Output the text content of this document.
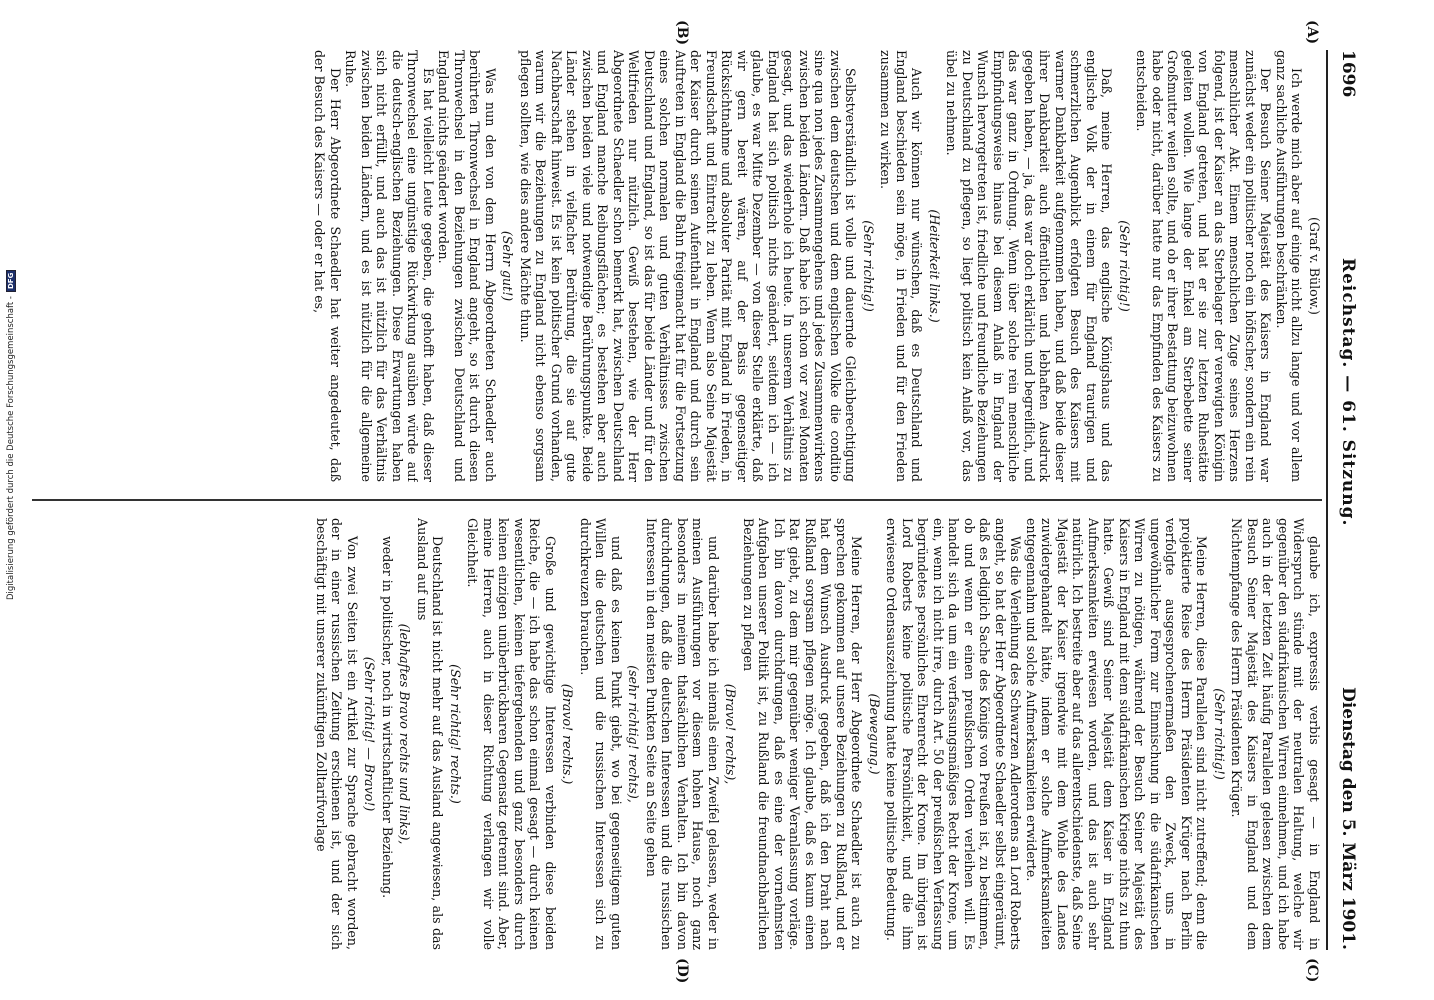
1696
Reichstag. — 61. Sitzung.
Dienstag den 5. März 1901.
(A)
(B)
(C)
(D)

(Graf v. Bülow.)

Ich werde mich aber auf einige nicht allzu lange und vor allem ganz sachliche Ausführungen beschränken.

Der Besuch Seiner Majestät des Kaisers in England war zunächst weder ein politischer noch ein höfischer, sondern ein rein menschlicher Akt. Einem menschlichen Zuge seines Herzens folgend, ist der Kaiser an das Sterbelager der verewigten Königin von England getreten, und hat er sie zur letzten Ruhestätte geleiten wollen. Wie lange der Enkel am Sterbebette seiner Großmutter weilen sollte, und ob er ihrer Bestattung beizuwohnen habe oder nicht, darüber hatte nur das Empfinden des Kaisers zu entscheiden.

(Sehr richtig!)

Daß, meine Herren, das englische Königshaus und das englische Volk der in einem für England traurigen und schmerzlichen Augenblick erfolgten Besuch des Kaisers mit warmer Dankbarkeit aufgenommen haben, und daß beide dieser ihrer Dankbarkeit auch öffentlichen und lebhaften Ausdruck gegeben haben, — ja, das war doch erklärlich und begreiflich, und das war ganz in Ordnung. Wenn über solche rein menschliche Empfindungsweise hinaus bei diesem Anlaß in England der Wunsch hervorgetreten ist, friedliche und freundliche Beziehungen zu Deutschland zu pflegen, so liegt politisch kein Anlaß vor, das übel zu nehmen.

(Heiterkeit links.)

Auch wir können nur wünschen, daß es Deutschland und England beschieden sein möge, in Frieden und für den Frieden zusammen zu wirken.

(Sehr richtig!)

Selbstverständlich ist volle und dauernde Gleichberechtigung zwischen dem deutschen und dem englischen Volke die conditio sine qua non jedes Zusammengehens und jedes Zusammenwirkens zwischen beiden Ländern. Daß habe ich schon vor zwei Monaten gesagt, und das wiederhole ich heute. In unserem Verhältnis zu England hat sich politisch nichts geändert, seitdem ich — ich glaube, es war Mitte Dezember — von dieser Stelle erklärte, daß wir gern bereit wären, auf der Basis gegenseitiger Rücksichtnahme und absoluter Parität mit England in Frieden, in Freundschaft und Eintracht zu leben. Wenn also Seine Majestät der Kaiser durch seinen Aufenthalt in England und durch sein Auftreten in England die Bahn freigemacht hat für die Fortsetzung eines solchen normalen und guten Verhältnisses zwischen Deutschland und England, so ist das für beide Länder und für den Weltfrieden nur nützlich. Gewiß bestehen, wie der Herr Abgeordnete Schaedler schon bemerkt hat, zwischen Deutschland und England manche Reibungsflächen; es bestehen aber auch zwischen beiden viele und notwendige Berührungspunkte. Beide Länder stehen in vielfacher Berührung, die sie auf gute Nachbarschaft hinweist. Es ist kein politischer Grund vorhanden, warum wir die Beziehungen zu England nicht ebenso sorgsam pflegen sollten, wie dies andere Mächte thun.

(Sehr gut!)

Was nun den von dem Herrn Abgeordneten Schaedler auch berührten Thronwechsel in England angeht, so ist durch diesen Thronwechsel in den Beziehungen zwischen Deutschland und England nichts geändert worden.

Es hat vielleicht Leute gegeben, die gehofft haben, daß dieser Thronwechsel eine ungünstige Rückwirkung ausüben würde auf die deutsch-englischen Beziehungen. Diese Erwartungen haben sich nicht erfüllt, und auch das ist nützlich für das Verhältnis zwischen beiden Ländern, und es ist nützlich für die allgemeine Ruhe.

Der Herr Abgeordnete Schaedler hat weiter angedeutet, daß der Besuch des Kaisers — oder er hat es,

glaube ich, expressis verbis gesagt — in England in Widerspruch stünde mit der neutralen Haltung, welche wir gegenüber den südafrikanischen Wirren einnehmen, und ich habe auch in der letzten Zeit häufig Parallelen gelesen zwischen dem Besuch Seiner Majestät des Kaisers in England und dem Nichtempfange des Herrn Präsidenten Krüger.

(Sehr richtig!)

Meine Herren, diese Parallelen sind nicht zutreffend; denn die projektierte Reise des Herrn Präsidenten Krüger nach Berlin verfolgte ausgesprochenermaßen den Zweck, uns in ungewöhnlicher Form zur Einmischung in die südafrikanischen Wirren zu nötigen, während der Besuch Seiner Majestät des Kaisers in England mit dem südafrikanischen Kriege nichts zu thun hatte. Gewiß sind Seiner Majestät dem Kaiser in England Aufmerksamkeiten erwiesen worden, und das ist auch sehr natürlich. Ich bestreite aber auf das allerentschiedenste, daß Seine Majestät der Kaiser irgendwie mit dem Wohle des Landes zuwidergehandelt hätte, indem er solche Aufmerksamkeiten entgegennahm und solche Aufmerksamkeiten erwiderte.

Was die Verleihung des Schwarzen Adlerordens an Lord Roberts angeht, so hat der Herr Abgeordnete Schaedler selbst eingeräumt, daß es lediglich Sache des Königs von Preußen ist, zu bestimmen, ob und wenn er einen preußischen Orden verleihen will. Es handelt sich da um ein verfassungsmäßiges Recht der Krone, um ein, wenn ich nicht irre, durch Art. 50 der preußischen Verfassung begründetes persönliches Ehrenrecht der Krone. Im übrigen ist Lord Roberts keine politische Persönlichkeit, und die ihm erwiesene Ordensauszeichnung hatte keine politische Bedeutung.

(Bewegung.)

Meine Herren, der Herr Abgeordnete Schaedler ist auch zu sprechen gekommen auf unsere Beziehungen zu Rußland, und er hat dem Wunsch Ausdruck gegeben, daß ich den Draht nach Rußland sorgsam pflegen möge. Ich glaube, daß es kaum einen Rat giebt, zu dem mir gegenüber weniger Veranlassung vorläge. Ich bin davon durchdrungen, daß es eine der vornehmsten Aufgaben unserer Politik ist, zu Rußland die freundnachbarlichen Beziehungen zu pflegen

(Bravo! rechts),

und darüber habe ich niemals einen Zweifel gelassen, weder in meinen Ausführungen vor diesem hohen Hause, noch ganz besonders in meinem thatsächlichen Verhalten. Ich bin davon durchdrungen, daß die deutschen Interessen und die russischen Interessen in den meisten Punkten Seite an Seite gehen

(sehr richtig! rechts),

und daß es keinen Punkt giebt, wo bei gegenseitigem guten Willen die deutschen und die russischen Interessen sich zu durchkreuzen brauchen.

(Bravo! rechts.)

Große und gewichtige Interessen verbinden diese beiden Reiche, die — ich habe das schon einmal gesagt — durch keinen wesentlichen, keinen tiefergehenden und ganz besonders durch keinen einzigen unüberbrückbaren Gegensatz getrennt sind. Aber, meine Herren, auch in dieser Richtung verlangen wir volle Gleichheit.

(Sehr richtig! rechts.)

Deutschland ist nicht mehr auf das Ausland angewiesen, als das Ausland auf uns

(lebhaftes Bravo rechts und links),

weder in politischer, noch in wirtschaftlicher Beziehung.

(Sehr richtig! — Bravo!)

Von zwei Seiten ist ein Artikel zur Sprache gebracht worden, der in einer russischen Zeitung erschienen ist, und der sich beschäftigt mit unserer zukünftigen Zolltarifvorlage

Digitalisierung gefördert durch die Deutsche Forschungsgemeinschaft -DFG
